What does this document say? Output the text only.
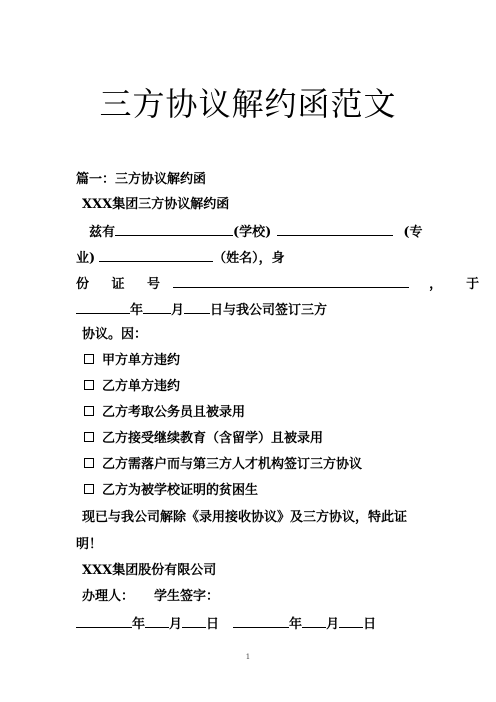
三方协议解约函范文
篇一：三方协议解约函
XXX集团三方协议解约函
兹有	(学校)	(专
业)	（姓名），身
份 证 号	， 于
年 月 日与我公司签订三方
协议。因：
甲方单方违约
乙方单方违约
乙方考取公务员且被录用
乙方接受继续教育（含留学）且被录用
乙方需落户而与第三方人才机构签订三方协议
乙方为被学校证明的贫困生
现已与我公司解除《录用接收协议》及三方协议，特此证
明！
XXX集团股份有限公司
办理人： 学生签字：
年 月 日	年 月 日
1
